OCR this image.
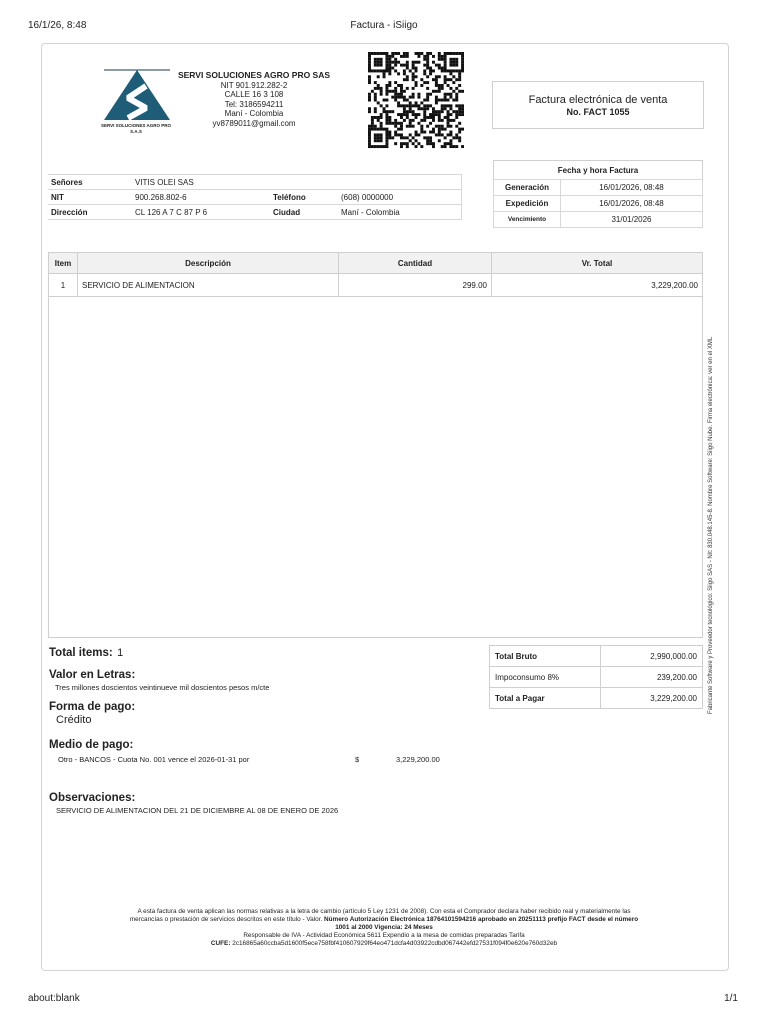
16/1/26, 8:48	Factura - iSiigo
about:blank	1/1
SERVI SOLUCIONES AGRO PRO
S.A.S
SERVI SOLUCIONES AGRO PRO SAS
NIT 901.912.282-2
CALLE 16 3 108
Tel: 3186594211
Maní - Colombia
yv8789011@gmail.com
Factura electrónica de venta
No. FACT 1055
Señores	VITIS OLEI SAS		
NIT	900.268.802-6	Teléfono	(608) 0000000
Dirección	CL 126 A 7 C 87 P 6	Ciudad	Maní - Colombia
Fecha y hora Factura	
Generación	16/01/2026, 08:48
Expedición	16/01/2026, 08:48
Vencimiento	31/01/2026
Item	Descripción	Cantidad	Vr. Total
1	SERVICIO DE ALIMENTACION	299.00	3,229,200.00
Fabricante Software y Proveedor tecnológico: Siigo SAS - Nit: 830.048.145-8. Nombre Software: Siigo Nube. Firma electrónica: ver en el XML
Total items: 1
Valor en Letras:
Tres millones doscientos veintinueve mil doscientos pesos m/cte
Forma de pago:
Crédito
Medio de pago:
Otro - BANCOS - Cuota No. 001 vence el 2026-01-31 por	$	3,229,200.00
Observaciones:
SERVICIO DE ALIMENTACION DEL 21 DE DICIEMBRE AL 08 DE ENERO DE 2026
Total Bruto	2,990,000.00
Impoconsumo 8%	239,200.00
Total a Pagar	3,229,200.00
A esta factura de venta aplican las normas relativas a la letra de cambio (artículo 5 Ley 1231 de 2008). Con esta el Comprador declara haber recibido real y materialmente las
mercancías o prestación de servicios descritos en este título - Valor. Número Autorización Electrónica 18764101594216 aprobado en 20251113 prefijo FACT desde el número
1001 al 2000 Vigencia: 24 Meses
Responsable de IVA - Actividad Económica 5611 Expendio a la mesa de comidas preparadas Tarifa
CUFE: 2c16865a60ccba5d1600f5ece758fbf410607929f64eo471dcfa4d03922cdbd067442efd27531f094f0e620e760d32eb
